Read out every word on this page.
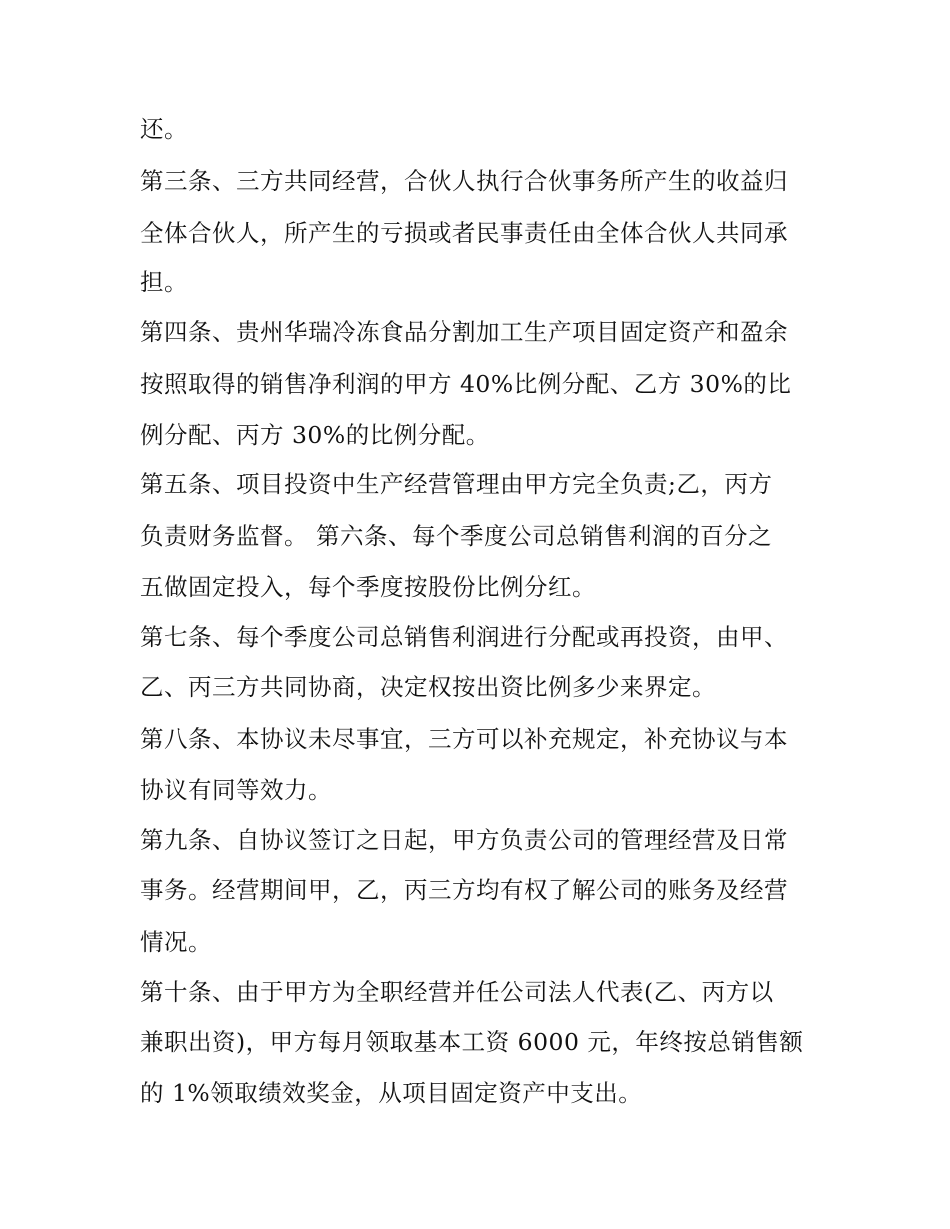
还。

第三条、三方共同经营，合伙人执行合伙事务所产生的收益归

全体合伙人，所产生的亏损或者民事责任由全体合伙人共同承

担。

第四条、贵州华瑞冷冻食品分割加工生产项目固定资产和盈余

按照取得的销售净利润的甲方 40%比例分配、乙方 30%的比

例分配、丙方 30%的比例分配。

第五条、项目投资中生产经营管理由甲方完全负责;乙，丙方

负责财务监督。 第六条、每个季度公司总销售利润的百分之

五做固定投入，每个季度按股份比例分红。

第七条、每个季度公司总销售利润进行分配或再投资，由甲、

乙、丙三方共同协商，决定权按出资比例多少来界定。

第八条、本协议未尽事宜，三方可以补充规定，补充协议与本

协议有同等效力。

第九条、自协议签订之日起，甲方负责公司的管理经营及日常

事务。经营期间甲，乙，丙三方均有权了解公司的账务及经营

情况。

第十条、由于甲方为全职经营并任公司法人代表(乙、丙方以

兼职出资)，甲方每月领取基本工资 6000 元，年终按总销售额

的 1%领取绩效奖金，从项目固定资产中支出。
